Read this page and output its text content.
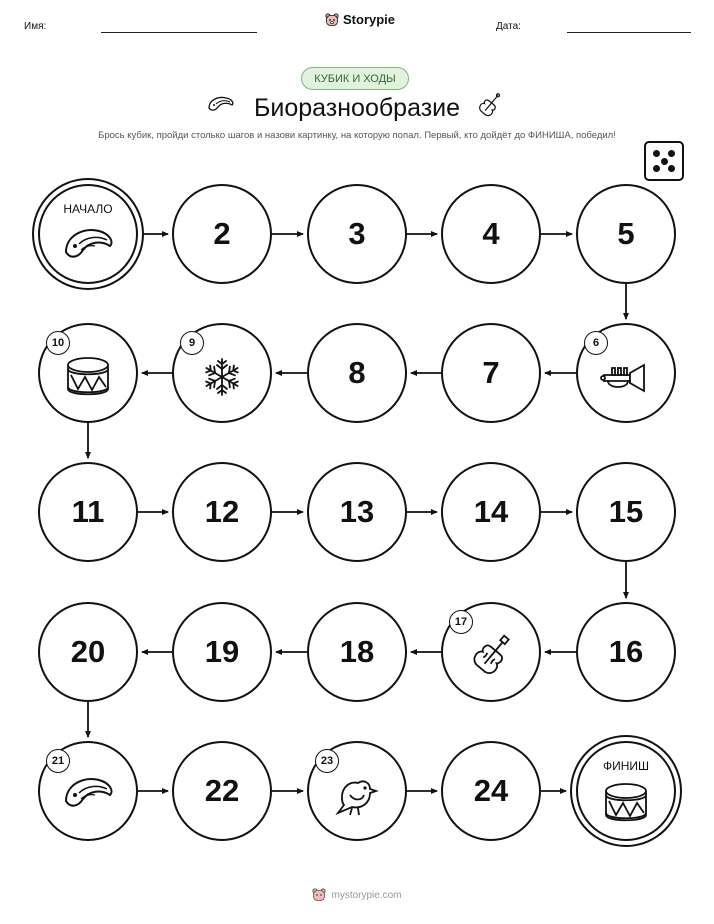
Имя:	Storypie	Дата:
КУБИК И ХОДЫ
Биоразнообразие
Брось кубик, пройди столько шагов и назови картинку, на которую попал. Первый, кто дойдёт до ФИНИША, победил!
НАЧАЛО
2	3	4	5
6
7
8
9
10
11	12	13	14	15
16
17
18
19
20
21
22
23
24
ФИНИШ
mystorypie.com
